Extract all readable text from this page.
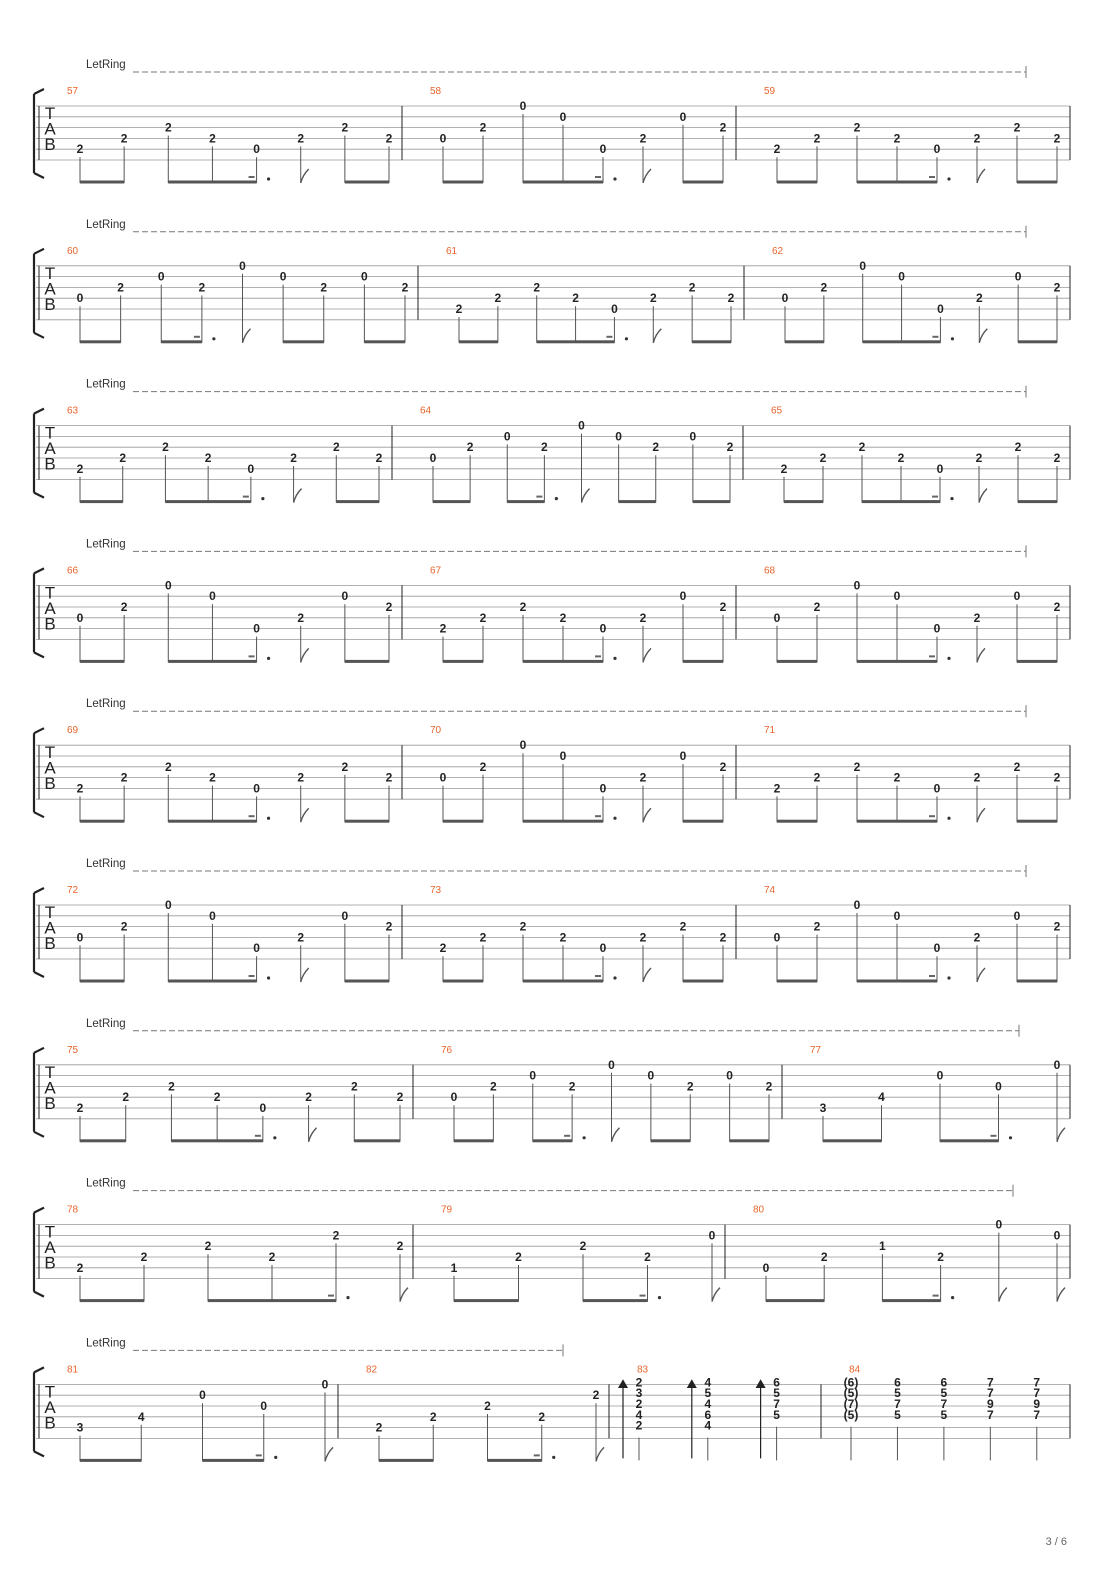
LetRing
T
A
B
57
2
2
2
2
0
2
2
2
58
0
2
0
0
0
2
0
2
59
2
2
2
2
0
2
2
2
LetRing
T
A
B
60
0
2
0
2
0
0
2
0
2
61
2
2
2
2
0
2
2
2
62
0
2
0
0
0
2
0
2
LetRing
T
A
B
63
2
2
2
2
0
2
2
2
64
0
2
0
2
0
0
2
0
2
65
2
2
2
2
0
2
2
2
LetRing
T
A
B
66
0
2
0
0
0
2
0
2
67
2
2
2
2
0
2
0
2
68
0
2
0
0
0
2
0
2
LetRing
T
A
B
69
2
2
2
2
0
2
2
2
70
0
2
0
0
0
2
0
2
71
2
2
2
2
0
2
2
2
LetRing
T
A
B
72
0
2
0
0
0
2
0
2
73
2
2
2
2
0
2
2
2
74
0
2
0
0
0
2
0
2
LetRing
T
A
B
75
2
2
2
2
0
2
2
2
76
0
2
0
2
0
0
2
0
2
77
3
4
0
0
0
LetRing
T
A
B
78
2
2
2
2
2
2
79
1
2
2
2
0
80
0
2
1
2
0
0
LetRing
T
A
B
81
3
4
0
0
0
82
2
2
2
2
2
83
2
3
2
4
2
4
5
4
6
4
6
5
7
5
84
(6)
(5)
(7)
(5)
6
5
7
5
6
5
7
5
7
7
9
7
7
7
9
7
3 / 6
